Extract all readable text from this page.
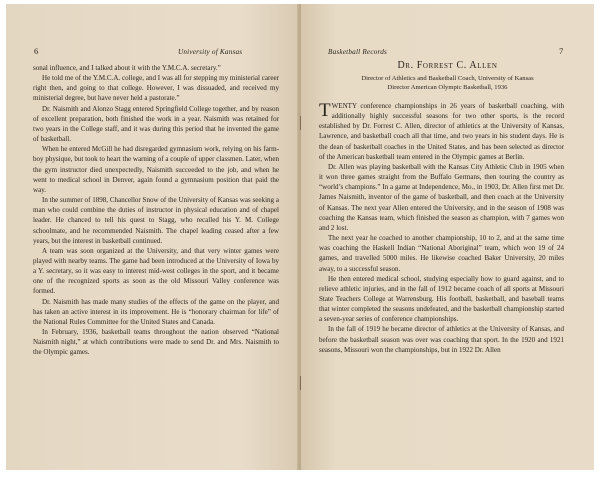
6	University of Kansas

sonal influence, and I talked about it with the Y.M.C.A. secretary.”

He told me of the Y.M.C.A. college, and I was all for stepping my ministerial career right then, and going to that college. However, I was dissuaded, and received my ministerial degree, but have never held a pastorate.”

Dr. Naismith and Alonzo Stagg entered Springfield College together, and by reason of excellent preparation, both finished the work in a year. Naismith was retained for two years in the College staff, and it was during this period that he invented the game of basketball.

When he entered McGill he had disregarded gymnasium work, relying on his farm-boy physique, but took to heart the warning of a couple of upper classmen. Later, when the gym instructor died unexpectedly, Naismith succeeded to the job, and when he went to medical school in Denver, again found a gymnasium position that paid the way.

In the summer of 1898, Chancellor Snow of the University of Kansas was seeking a man who could combine the duties of instructor in physical education and of chapel leader. He chanced to tell his quest to Stagg, who recalled his Y. M. College schoolmate, and he recommended Naismith. The chapel leading ceased after a few years, but the interest in basketball continued.

A team was soon organized at the University, and that very winter games were played with nearby teams. The game had been introduced at the University of Iowa by a Y. secretary, so it was easy to interest mid-west colleges in the sport, and it became one of the recognized sports as soon as the old Missouri Valley conference was formed.

Dr. Naismith has made many studies of the effects of the game on the player, and has taken an active interest in its improvement. He is “honorary chairman for life” of the National Rules Committee for the United States and Canada.

In February, 1936, basketball teams throughout the nation observed “National Naismith night,” at which contributions were made to send Dr. and Mrs. Naismith to the Olympic games.

Basketball Records	7
Dr. Forrest C. Allen
Director of Athletics and Basketball Coach, University of Kansas
Director American Olympic Basketball, 1936

TWENTY conference championships in 26 years of basketball coaching, with additionally highly successful seasons for two other sports, is the record established by Dr. Forrest C. Allen, director of athletics at the University of Kansas, Lawrence, and basketball coach all that time, and two years in his student days. He is the dean of basketball coaches in the United States, and has been selected as director of the American basketball team entered in the Olympic games at Berlin.

Dr. Allen was playing basketball with the Kansas City Athletic Club in 1905 when it won three games straight from the Buffalo Germans, then touring the country as “world’s champions.” In a game at Independence, Mo., in 1903, Dr. Allen first met Dr. James Naismith, inventor of the game of basketball, and then coach at the University of Kansas. The next year Allen entered the University, and in the season of 1908 was coaching the Kansas team, which finished the season as champion, with 7 games won and 2 lost.

The next year he coached to another championship, 10 to 2, and at the same time was coaching the Haskell Indian “National Aboriginal” team, which won 19 of 24 games, and travelled 5000 miles. He likewise coached Baker University, 20 miles away, to a successful season.

He then entered medical school, studying especially how to guard against, and to relieve athletic injuries, and in the fall of 1912 became coach of all sports at Missouri State Teachers College at Warrensburg. His football, basketball, and baseball teams that winter completed the seasons undefeated, and the basketball championship started a seven-year series of conference championships.

In the fall of 1919 he became director of athletics at the University of Kansas, and before the basketball season was over was coaching that sport. In the 1920 and 1921 seasons, Missouri won the championships, but in 1922 Dr. Allen
